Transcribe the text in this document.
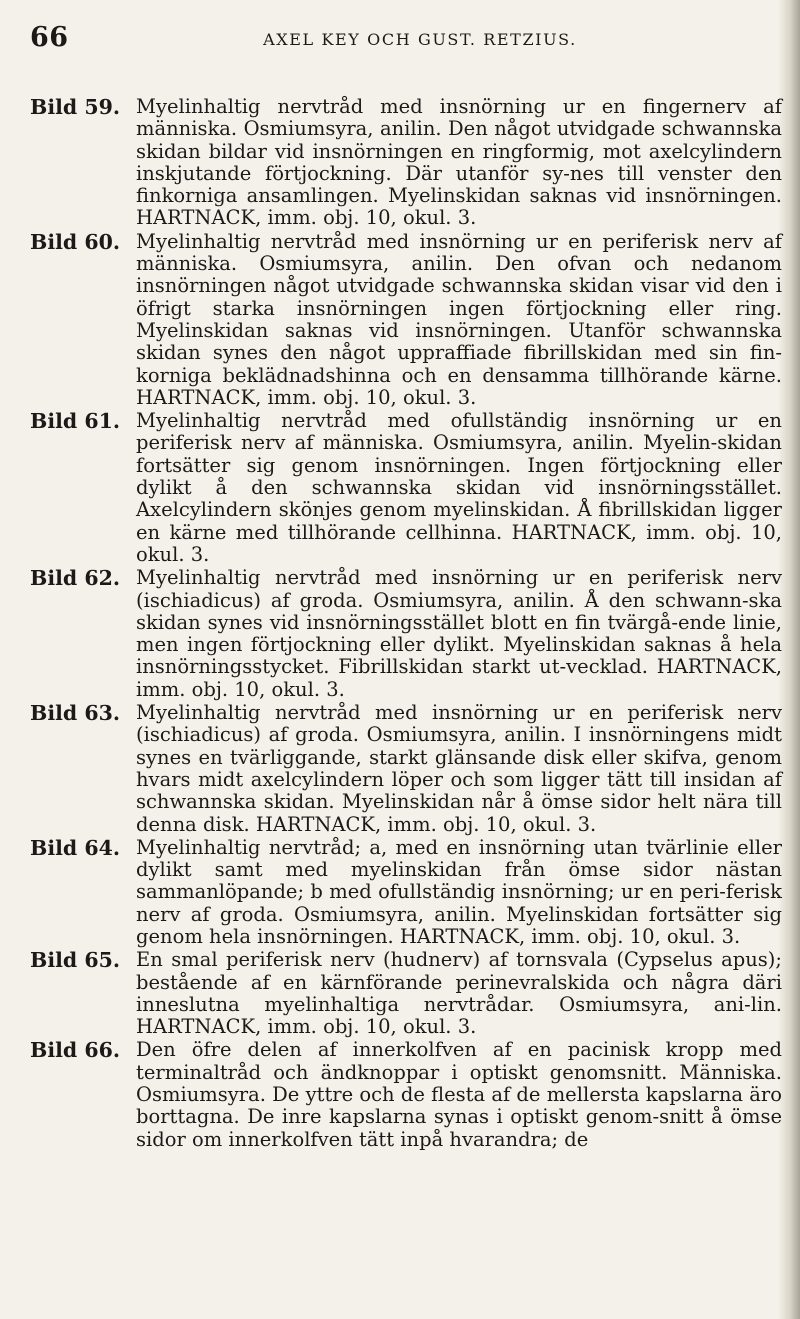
66	AXEL KEY OCH GUST. RETZIUS.
Bild 59. Myelinhaltig nervtråd med insnörning ur en fingernerv af människa. Osmiumsyra, anilin. Den något utvidgade schwannska skidan bildar vid insnörningen en ringformig, mot axelcylindern inskjutande förtjockning. Där utanför sy-nes till venster den finkorniga ansamlingen. Myelinskidan saknas vid insnörningen. HARTNACK, imm. obj. 10, okul. 3.
Bild 60. Myelinhaltig nervtråd med insnörning ur en periferisk nerv af människa. Osmiumsyra, anilin. Den ofvan och nedanom insnörningen något utvidgade schwannska skidan visar vid den i öfrigt starka insnörningen ingen förtjockning eller ring. Myelinskidan saknas vid insnörningen. Utanför schwannska skidan synes den något uppraffiade fibrillskidan med sin fin-korniga beklädnadshinna och en densamma tillhörande kärne. HARTNACK, imm. obj. 10, okul. 3.
Bild 61. Myelinhaltig nervtråd med ofullständig insnörning ur en periferisk nerv af människa. Osmiumsyra, anilin. Myelin-skidan fortsätter sig genom insnörningen. Ingen förtjockning eller dylikt å den schwannska skidan vid insnörningsstället. Axelcylindern skönjes genom myelinskidan. Å fibrillskidan ligger en kärne med tillhörande cellhinna. HARTNACK, imm. obj. 10, okul. 3.
Bild 62. Myelinhaltig nervtråd med insnörning ur en periferisk nerv (ischiadicus) af groda. Osmiumsyra, anilin. Å den schwann-ska skidan synes vid insnörningsstället blott en fin tvärgå-ende linie, men ingen förtjockning eller dylikt. Myelinskidan saknas å hela insnörningsstycket. Fibrillskidan starkt ut-vecklad. HARTNACK, imm. obj. 10, okul. 3.
Bild 63. Myelinhaltig nervtråd med insnörning ur en periferisk nerv (ischiadicus) af groda. Osmiumsyra, anilin. I insnörningens midt synes en tvärliggande, starkt glänsande disk eller skifva, genom hvars midt axelcylindern löper och som ligger tätt till insidan af schwannska skidan. Myelinskidan når å ömse sidor helt nära till denna disk. HARTNACK, imm. obj. 10, okul. 3.
Bild 64. Myelinhaltig nervtråd; a, med en insnörning utan tvärlinie eller dylikt samt med myelinskidan från ömse sidor nästan sammanlöpande; b med ofullständig insnörning; ur en peri-ferisk nerv af groda. Osmiumsyra, anilin. Myelinskidan fortsätter sig genom hela insnörningen. HARTNACK, imm. obj. 10, okul. 3.
Bild 65. En smal periferisk nerv (hudnerv) af tornsvala (Cypselus apus); bestående af en kärnförande perinevralskida och några däri inneslutna myelinhaltiga nervtrådar. Osmiumsyra, ani-lin. HARTNACK, imm. obj. 10, okul. 3.
Bild 66. Den öfre delen af innerkolfven af en pacinisk kropp med terminaltråd och ändknoppar i optiskt genomsnitt. Människa. Osmiumsyra. De yttre och de flesta af de mellersta kapslarna äro borttagna. De inre kapslarna synas i optiskt genom-snitt å ömse sidor om innerkolfven tätt inpå hvarandra; de
